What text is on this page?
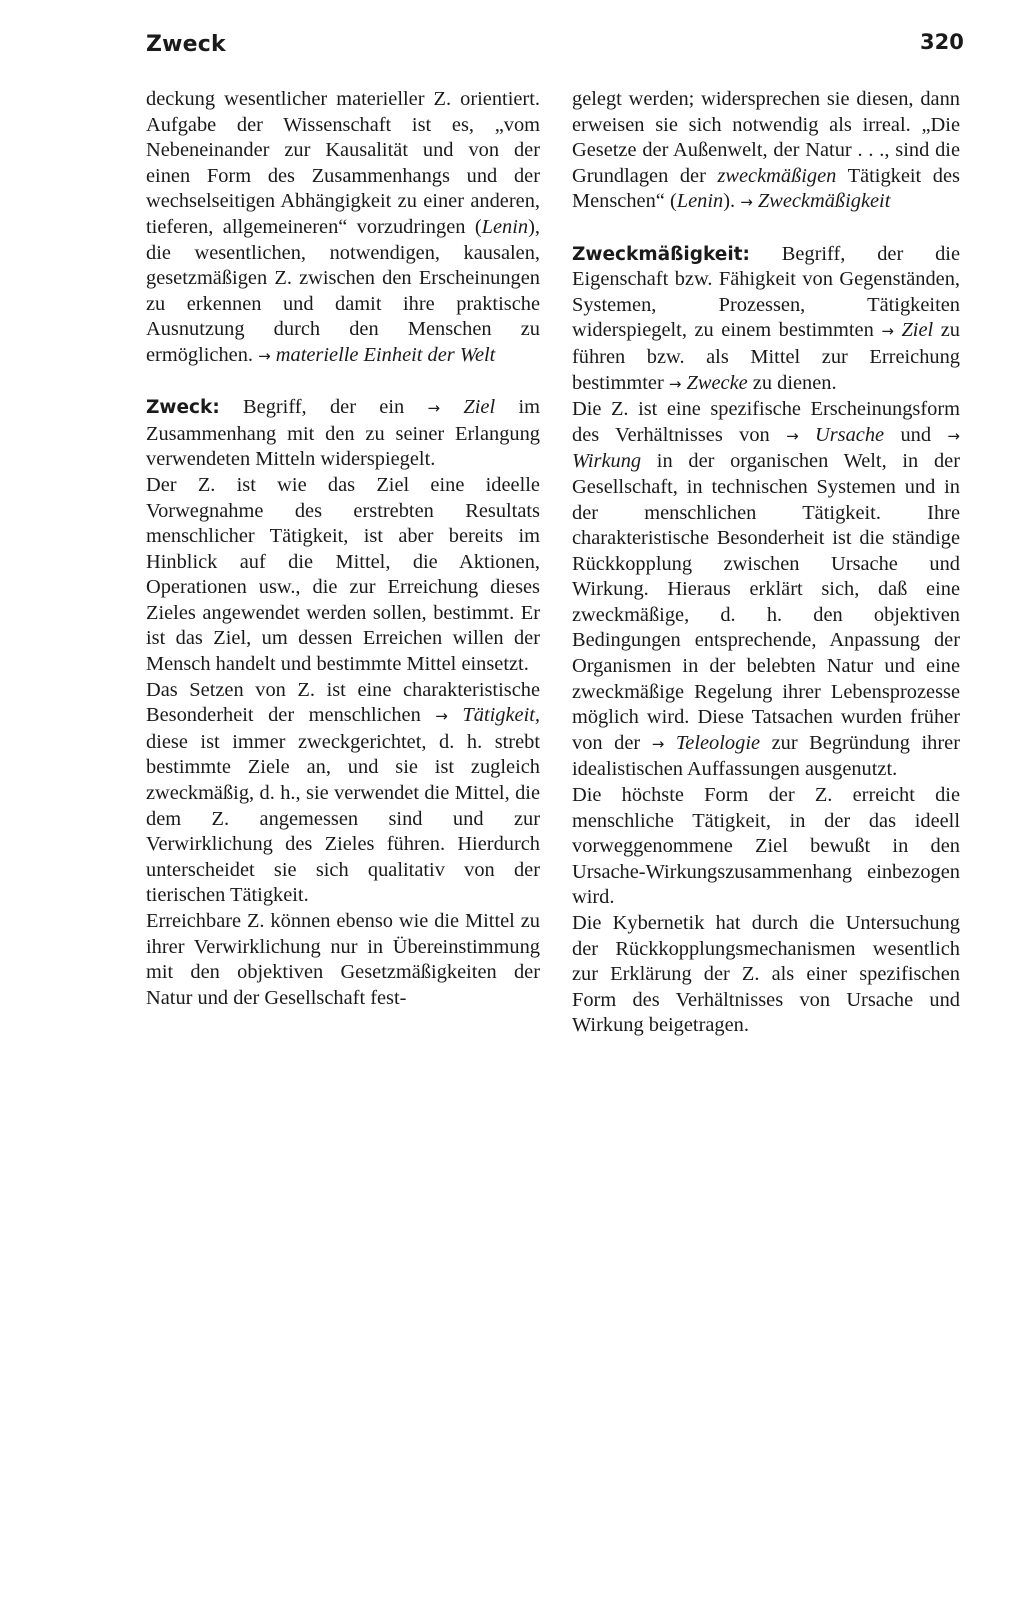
Zweck	320

deckung wesentlicher materieller Z. orientiert. Aufgabe der Wissenschaft ist es, „vom Nebeneinander zur Kausalität und von der einen Form des Zusammenhangs und der wechselseitigen Abhängigkeit zu einer anderen, tieferen, allgemeineren“ vorzudringen (Lenin), die wesentlichen, notwendigen, kausalen, gesetzmäßigen Z. zwischen den Erscheinungen zu erkennen und damit ihre praktische Ausnutzung durch den Menschen zu ermöglichen. → materielle Einheit der Welt

Zweck: Begriff, der ein → Ziel im Zusammenhang mit den zu seiner Erlangung verwendeten Mitteln widerspiegelt.

Der Z. ist wie das Ziel eine ideelle Vorwegnahme des erstrebten Resultats menschlicher Tätigkeit, ist aber bereits im Hinblick auf die Mittel, die Aktionen, Operationen usw., die zur Erreichung dieses Zieles angewendet werden sollen, bestimmt. Er ist das Ziel, um dessen Erreichen willen der Mensch handelt und bestimmte Mittel einsetzt.

Das Setzen von Z. ist eine charakteristische Besonderheit der menschlichen → Tätigkeit, diese ist immer zweckgerichtet, d. h. strebt bestimmte Ziele an, und sie ist zugleich zweckmäßig, d. h., sie verwendet die Mittel, die dem Z. angemessen sind und zur Verwirklichung des Zieles führen. Hierdurch unterscheidet sie sich qualitativ von der tierischen Tätigkeit.

Erreichbare Z. können ebenso wie die Mittel zu ihrer Verwirklichung nur in Übereinstimmung mit den objektiven Gesetzmäßigkeiten der Natur und der Gesellschaft fest-

gelegt werden; widersprechen sie diesen, dann erweisen sie sich notwendig als irreal. „Die Gesetze der Außenwelt, der Natur . . ., sind die Grundlagen der zweckmäßigen Tätigkeit des Menschen“ (Lenin). → Zweckmäßigkeit

Zweckmäßigkeit: Begriff, der die Eigenschaft bzw. Fähigkeit von Gegenständen, Systemen, Prozessen, Tätigkeiten widerspiegelt, zu einem bestimmten → Ziel zu führen bzw. als Mittel zur Erreichung bestimmter → Zwecke zu dienen.

Die Z. ist eine spezifische Erscheinungsform des Verhältnisses von → Ursache und → Wirkung in der organischen Welt, in der Gesellschaft, in technischen Systemen und in der menschlichen Tätigkeit. Ihre charakteristische Besonderheit ist die ständige Rückkopplung zwischen Ursache und Wirkung. Hieraus erklärt sich, daß eine zweckmäßige, d. h. den objektiven Bedingungen entsprechende, Anpassung der Organismen in der belebten Natur und eine zweckmäßige Regelung ihrer Lebensprozesse möglich wird. Diese Tatsachen wurden früher von der → Teleologie zur Begründung ihrer idealistischen Auffassungen ausgenutzt.

Die höchste Form der Z. erreicht die menschliche Tätigkeit, in der das ideell vorweggenommene Ziel bewußt in den Ursache-Wirkungszusammenhang einbezogen wird.

Die Kybernetik hat durch die Untersuchung der Rückkopplungsmechanismen wesentlich zur Erklärung der Z. als einer spezifischen Form des Verhältnisses von Ursache und Wirkung beigetragen.
